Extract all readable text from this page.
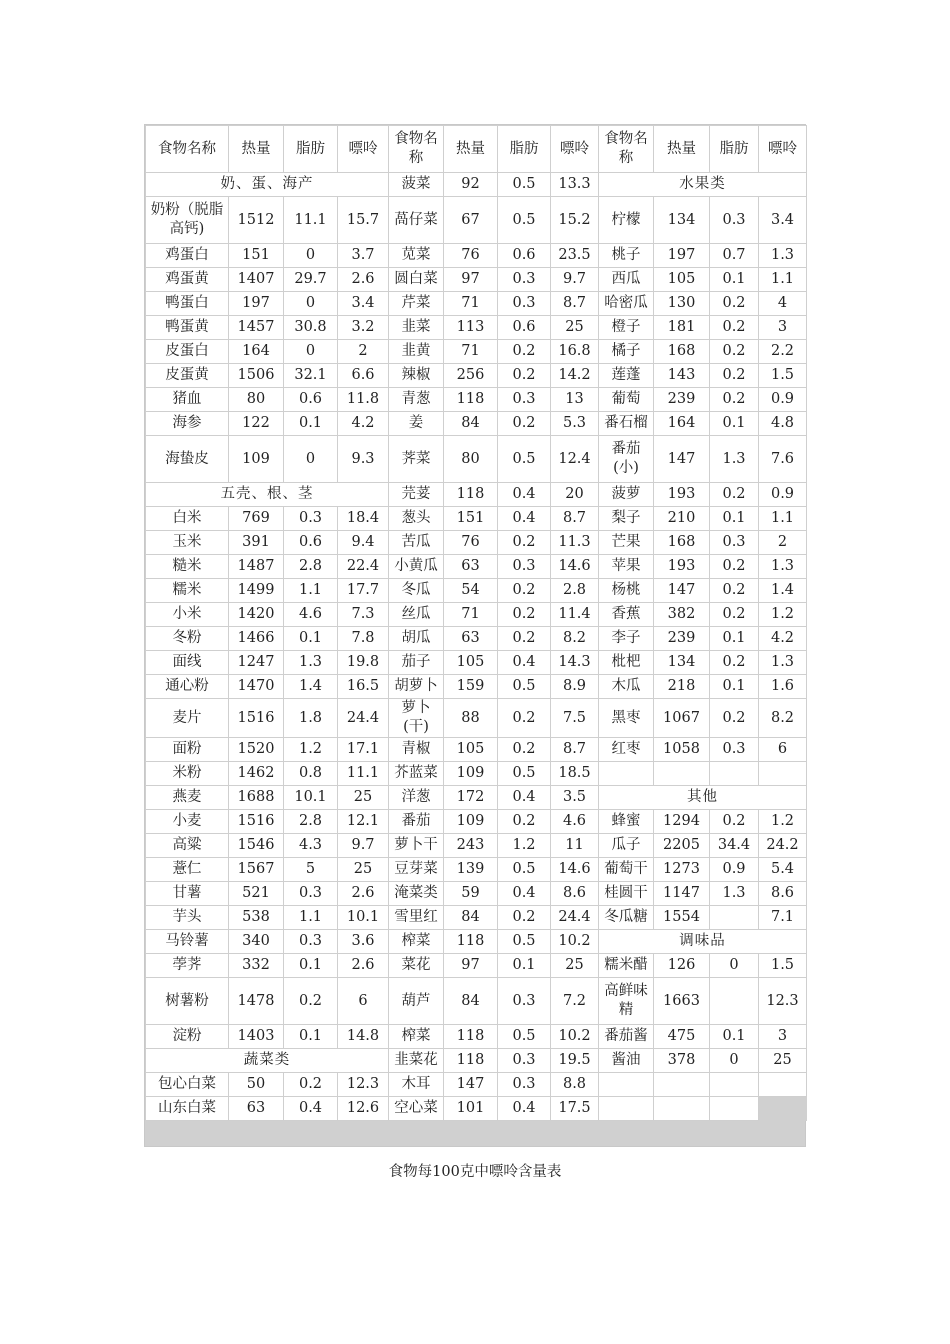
食物名称	热量	脂肪	嘌呤	食物名称	热量	脂肪	嘌呤	食物名称	热量	脂肪	嘌呤
奶、蛋、海产				菠菜	92	0.5	13.3	水果类			
奶粉（脱脂高钙)	1512	11.1	15.7	萵仔菜	67	0.5	15.2	柠檬	134	0.3	3.4
鸡蛋白	151	0	3.7	苋菜	76	0.6	23.5	桃子	197	0.7	1.3
鸡蛋黄	1407	29.7	2.6	圆白菜	97	0.3	9.7	西瓜	105	0.1	1.1
鸭蛋白	197	0	3.4	芹菜	71	0.3	8.7	哈密瓜	130	0.2	4
鸭蛋黄	1457	30.8	3.2	韭菜	113	0.6	25	橙子	181	0.2	3
皮蛋白	164	0	2	韭黄	71	0.2	16.8	橘子	168	0.2	2.2
皮蛋黄	1506	32.1	6.6	辣椒	256	0.2	14.2	莲蓬	143	0.2	1.5
猪血	80	0.6	11.8	青葱	118	0.3	13	葡萄	239	0.2	0.9
海参	122	0.1	4.2	姜	84	0.2	5.3	番石榴	164	0.1	4.8
海蛰皮	109	0	9.3	荠菜	80	0.5	12.4	番茄(小)	147	1.3	7.6
五壳、根、茎				芫荽	118	0.4	20	菠萝	193	0.2	0.9
白米	769	0.3	18.4	葱头	151	0.4	8.7	梨子	210	0.1	1.1
玉米	391	0.6	9.4	苦瓜	76	0.2	11.3	芒果	168	0.3	2
糙米	1487	2.8	22.4	小黄瓜	63	0.3	14.6	苹果	193	0.2	1.3
糯米	1499	1.1	17.7	冬瓜	54	0.2	2.8	杨桃	147	0.2	1.4
小米	1420	4.6	7.3	丝瓜	71	0.2	11.4	香蕉	382	0.2	1.2
冬粉	1466	0.1	7.8	胡瓜	63	0.2	8.2	李子	239	0.1	4.2
面线	1247	1.3	19.8	茄子	105	0.4	14.3	枇杷	134	0.2	1.3
通心粉	1470	1.4	16.5	胡萝卜	159	0.5	8.9	木瓜	218	0.1	1.6
麦片	1516	1.8	24.4	萝卜(干)	88	0.2	7.5	黑枣	1067	0.2	8.2
面粉	1520	1.2	17.1	青椒	105	0.2	8.7	红枣	1058	0.3	6
米粉	1462	0.8	11.1	芥蓝菜	109	0.5	18.5				
燕麦	1688	10.1	25	洋葱	172	0.4	3.5	其他			
小麦	1516	2.8	12.1	番茄	109	0.2	4.6	蜂蜜	1294	0.2	1.2
高粱	1546	4.3	9.7	萝卜干	243	1.2	11	瓜子	2205	34.4	24.2
薏仁	1567	5	25	豆芽菜	139	0.5	14.6	葡萄干	1273	0.9	5.4
甘薯	521	0.3	2.6	淹菜类	59	0.4	8.6	桂圆干	1147	1.3	8.6
芋头	538	1.1	10.1	雪里红	84	0.2	24.4	冬瓜糖	1554		7.1
马铃薯	340	0.3	3.6	榨菜	118	0.5	10.2	调味品			
荸荠	332	0.1	2.6	菜花	97	0.1	25	糯米醋	126	0	1.5
树薯粉	1478	0.2	6	葫芦	84	0.3	7.2	高鲜味精	1663		12.3
淀粉	1403	0.1	14.8	榨菜	118	0.5	10.2	番茄酱	475	0.1	3
蔬菜类				韭菜花	118	0.3	19.5	酱油	378	0	25
包心白菜	50	0.2	12.3	木耳	147	0.3	8.8				
山东白菜	63	0.4	12.6	空心菜	101	0.4	17.5				
食物每100克中嘌呤含量表
